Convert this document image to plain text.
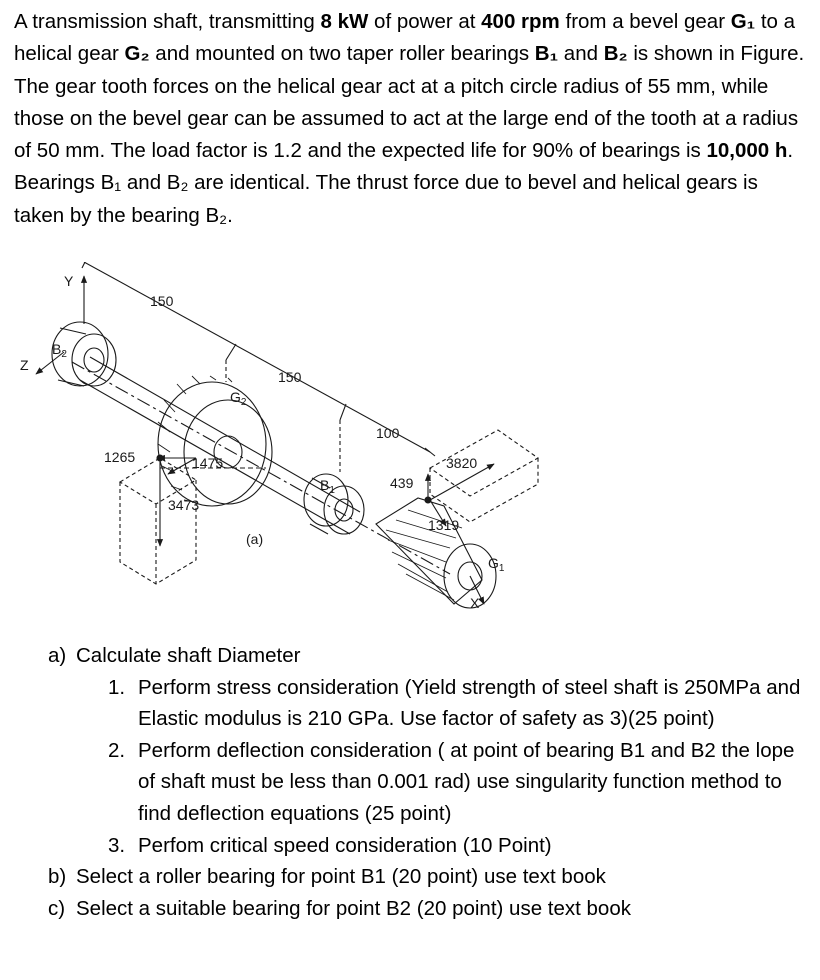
A transmission shaft, transmitting 8 kW of power at 400 rpm from a bevel gear G₁ to a helical gear G₂ and mounted on two taper roller bearings B₁ and B₂ is shown in Figure. The gear tooth forces on the helical gear act at a pitch circle radius of 55 mm, while those on the bevel gear can be assumed to act at the large end of the tooth at a radius of 50 mm. The load factor is 1.2 and the expected life for 90% of bearings is 10,000 h. Bearings B₁ and B₂ are identical. The thrust force due to bevel and helical gears is taken by the bearing B₂.

Y
Z
$B_2$
150
150
100
$G_2$
1265	1475
3473
$B_1$
3820
439
1319
(a)
$G_1$
X
a) Calculate shaft Diameter
1. Perform stress consideration (Yield strength of steel shaft is 250MPa and Elastic modulus is 210 GPa. Use factor of safety as 3)(25 point)
2. Perform deflection consideration ( at point of bearing B1 and B2 the lope of shaft must be less than 0.001 rad) use singularity function method to find deflection equations (25 point)
3. Perfom critical speed consideration (10 Point)
b) Select a roller bearing for point B1 (20 point) use text book
c) Select a suitable bearing for point B2 (20 point) use text book
